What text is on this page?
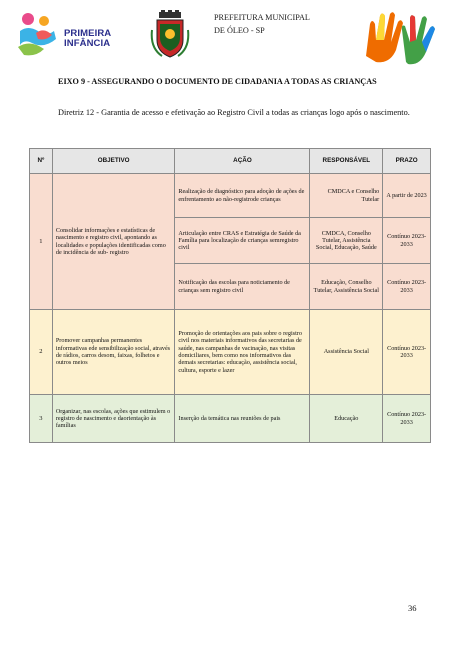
PRIMEIRA
INFÂNCIA
PREFEITURA MUNICIPAL
DE ÓLEO - SP
EIXO 9 - ASSEGURANDO O DOCUMENTO DE CIDADANIA A TODAS AS CRIANÇAS
Diretriz 12 - Garantia de acesso e efetivação ao Registro Civil a todas as crianças logo após o nascimento.
Nº	OBJETIVO	AÇÃO	RESPONSÁVEL	PRAZO
1	Consolidar informações e estatísticas de nascimento e registro civil, apontando as localidades e populações identificadas como de incidência de sub- registro	Realização de diagnóstico para adoção de ações de enfrentamento ao não-registrode crianças	CMDCA e Conselho Tutelar	A partir de 2023
		Articulação entre CRAS e Estratégia de Saúde da Família para localização de crianças semregistro civil	CMDCA, Conselho Tutelar, Assistência Social, Educação, Saúde	Contínuo 2023-2033
		Notificação das escolas para noticiamento de crianças sem registro civil	Educação, Conselho Tutelar, Assistência Social	Contínuo 2023-2033
2	Promover campanhas permanentes informativas ede sensibilização social, através de rádios, carros desom, faixas, folhetos e outros meios	Promoção de orientações aos pais sobre o registro civil nos materiais informativos das secretarias de saúde, nas campanhas de vacinação, nas visitas domiciliares, bem como nos informativos das demais secretarias: educação, assistência social, cultura, esporte e lazer	Assistência Social	Contínuo 2023-2033
3	Organizar, nas escolas, ações que estimulem o registro de nascimento e daorientação às famílias	Inserção da temática nas reuniões de pais	Educação	Contínuo 2023-2033
36
